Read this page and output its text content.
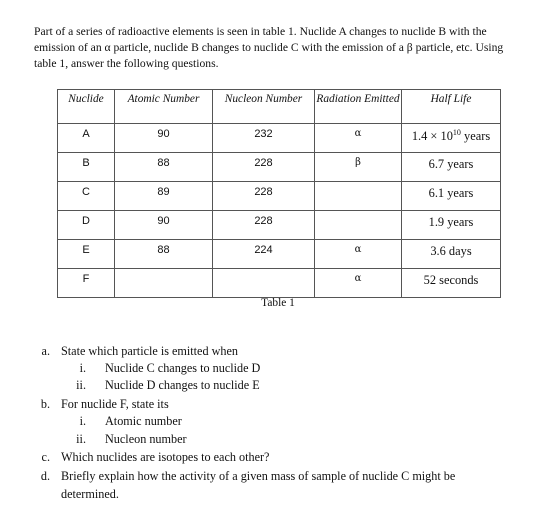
Part of a series of radioactive elements is seen in table 1. Nuclide A changes to nuclide B with the emission of an α particle, nuclide B changes to nuclide C with the emission of a β particle, etc. Using table 1, answer the following questions.

Nuclide	Atomic Number	Nucleon Number	Radiation Emitted	Half Life
A	90	232	α	$1.4 \times 10^{10}$ years
B	88	228	β	6.7 years
C	89	228		6.1 years
D	90	228		1.9 years
E	88	224	α	3.6 days
F			α	52 seconds
Table 1
a. State which particle is emitted when
i. Nuclide C changes to nuclide D
ii. Nuclide D changes to nuclide E
b. For nuclide F, state its
i. Atomic number
ii. Nucleon number
c. Which nuclides are isotopes to each other?
d. Briefly explain how the activity of a given mass of sample of nuclide C might be determined.
